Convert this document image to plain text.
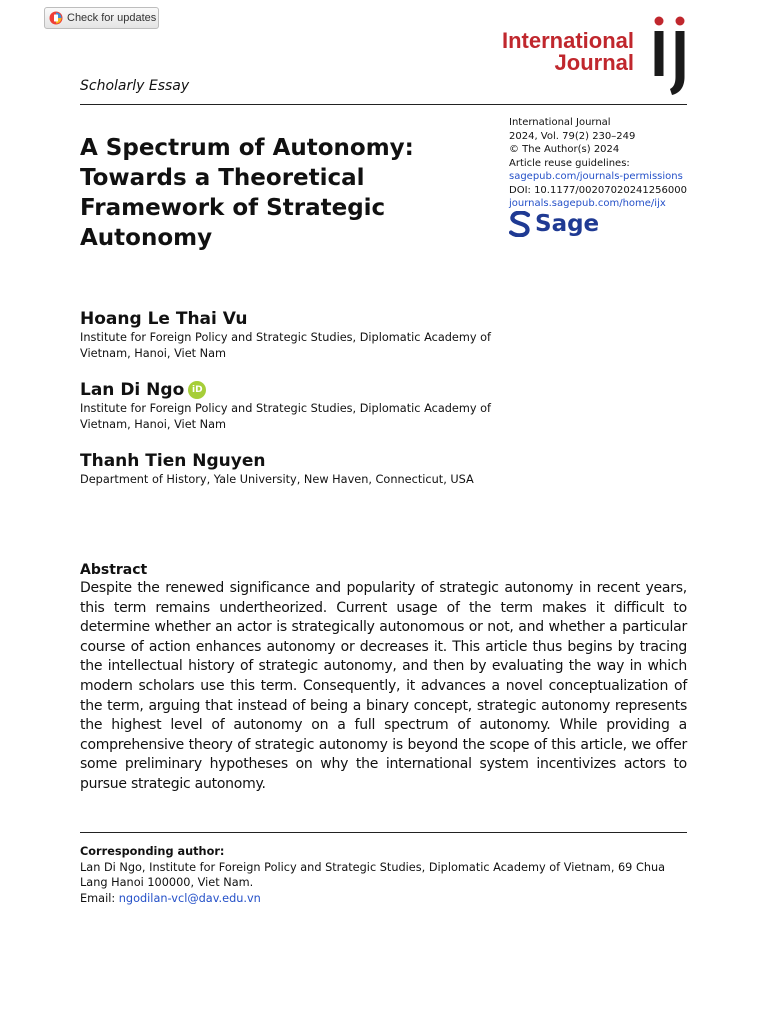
Check for updates
International
Journal
Scholarly Essay
International Journal
2024, Vol. 79(2) 230–249
© The Author(s) 2024
Article reuse guidelines:
sagepub.com/journals-permissions
DOI: 10.1177/00207020241256000
journals.sagepub.com/home/ijx
Sage
A Spectrum of Autonomy: Towards a Theoretical Framework of Strategic Autonomy
Hoang Le Thai Vu
Institute for Foreign Policy and Strategic Studies, Diplomatic Academy of Vietnam, Hanoi, Viet Nam
Lan Di Ngo iD
Institute for Foreign Policy and Strategic Studies, Diplomatic Academy of Vietnam, Hanoi, Viet Nam
Thanh Tien Nguyen
Department of History, Yale University, New Haven, Connecticut, USA
Abstract

Despite the renewed significance and popularity of strategic autonomy in recent years, this term remains undertheorized. Current usage of the term makes it difficult to determine whether an actor is strategically autonomous or not, and whether a particular course of action enhances autonomy or decreases it. This article thus begins by tracing the intellectual history of strategic autonomy, and then by evaluating the way in which modern scholars use this term. Consequently, it advances a novel conceptualization of the term, arguing that instead of being a binary concept, strategic autonomy represents the highest level of autonomy on a full spectrum of autonomy. While providing a comprehensive theory of strategic autonomy is beyond the scope of this article, we offer some preliminary hypotheses on why the international system incentivizes actors to pursue strategic autonomy.

Corresponding author:
Lan Di Ngo, Institute for Foreign Policy and Strategic Studies, Diplomatic Academy of Vietnam, 69 Chua Lang Hanoi 100000, Viet Nam.
Email: ngodilan-vcl@dav.edu.vn
